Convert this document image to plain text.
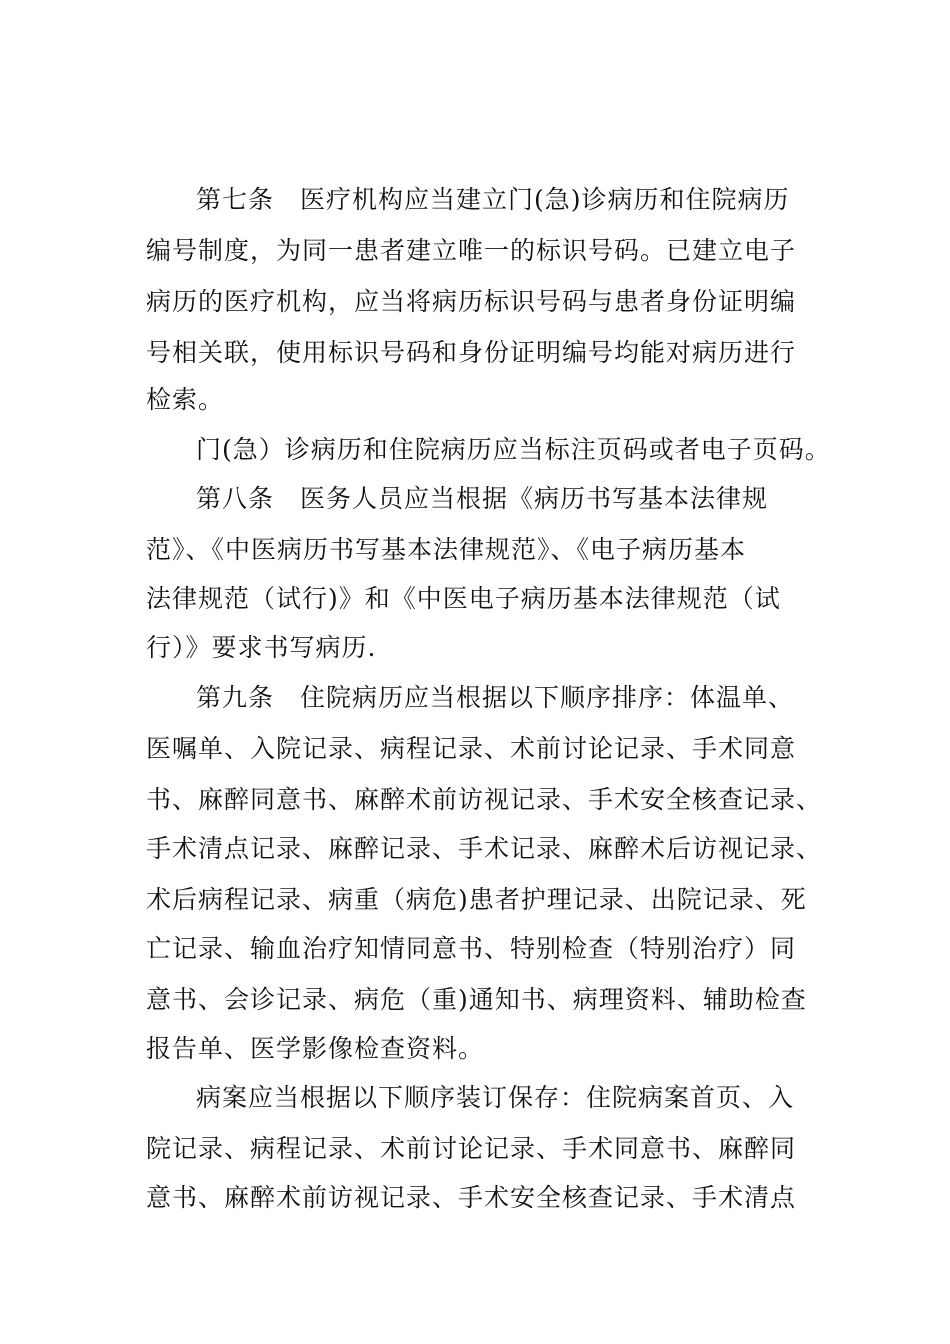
第七条　医疗机构应当建立门(急)诊病历和住院病历
编号制度，为同一患者建立唯一的标识号码。已建立电子
病历的医疗机构，应当将病历标识号码与患者身份证明编
号相关联，使用标识号码和身份证明编号均能对病历进行
检索。
门(急）诊病历和住院病历应当标注页码或者电子页码。
第八条　医务人员应当根据《病历书写基本法律规
范》、《中医病历书写基本法律规范》、《电子病历基本
法律规范（试行)》和《中医电子病历基本法律规范（试
行）》要求书写病历.
第九条　住院病历应当根据以下顺序排序：体温单、
医嘱单、入院记录、病程记录、术前讨论记录、手术同意
书、麻醉同意书、麻醉术前访视记录、手术安全核查记录、
手术清点记录、麻醉记录、手术记录、麻醉术后访视记录、
术后病程记录、病重（病危)患者护理记录、出院记录、死
亡记录、输血治疗知情同意书、特别检查（特别治疗）同
意书、会诊记录、病危（重)通知书、病理资料、辅助检查
报告单、医学影像检查资料。
病案应当根据以下顺序装订保存：住院病案首页、入
院记录、病程记录、术前讨论记录、手术同意书、麻醉同
意书、麻醉术前访视记录、手术安全核查记录、手术清点
